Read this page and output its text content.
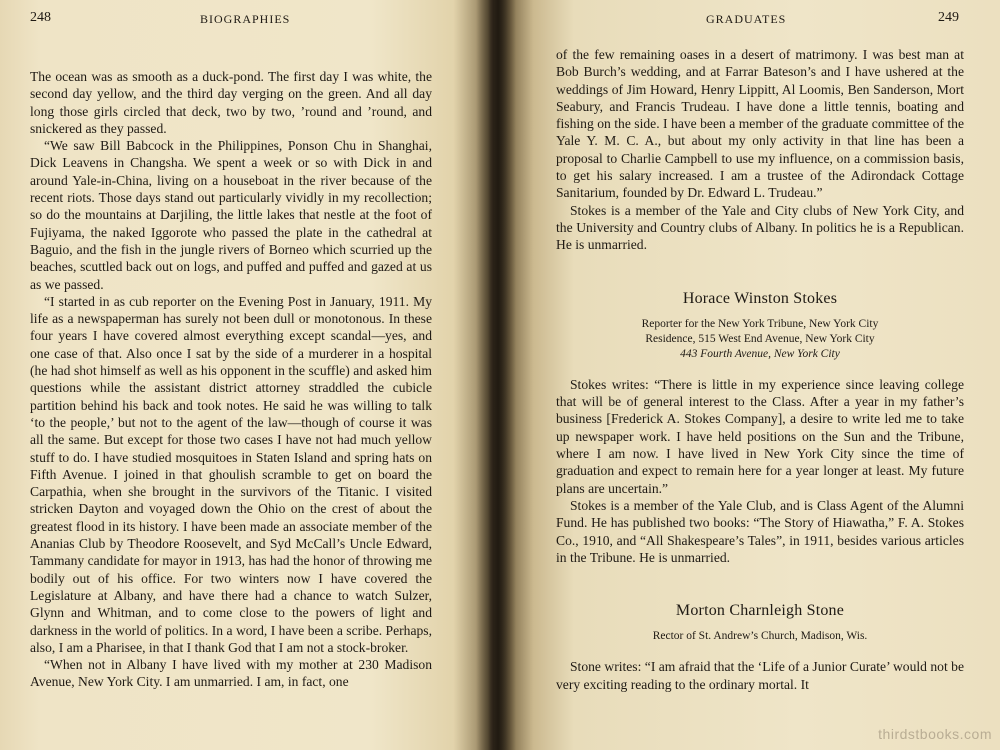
248	BIOGRAPHIES

The ocean was as smooth as a duck-pond. The first day I was white, the second day yellow, and the third day verging on the green. And all day long those girls circled that deck, two by two, ’round and ’round, and snickered as they passed.

“We saw Bill Babcock in the Philippines, Ponson Chu in Shanghai, Dick Leavens in Changsha. We spent a week or so with Dick in and around Yale-in-China, living on a houseboat in the river because of the recent riots. Those days stand out particularly vividly in my recollection; so do the mountains at Darjiling, the little lakes that nestle at the foot of Fujiyama, the naked Iggorote who passed the plate in the cathedral at Baguio, and the fish in the jungle rivers of Borneo which scurried up the beaches, scuttled back out on logs, and puffed and puffed and gazed at us as we passed.

“I started in as cub reporter on the Evening Post in January, 1911. My life as a newspaperman has surely not been dull or monotonous. In these four years I have covered almost everything except scandal—yes, and one case of that. Also once I sat by the side of a murderer in a hospital (he had shot himself as well as his opponent in the scuffle) and asked him questions while the assistant district attorney straddled the cubicle partition behind his back and took notes. He said he was willing to talk ‘to the people,’ but not to the agent of the law—though of course it was all the same. But except for those two cases I have not had much yellow stuff to do. I have studied mosquitoes in Staten Island and spring hats on Fifth Avenue. I joined in that ghoulish scramble to get on board the Carpathia, when she brought in the survivors of the Titanic. I visited stricken Dayton and voyaged down the Ohio on the crest of about the greatest flood in its history. I have been made an associate member of the Ananias Club by Theodore Roosevelt, and Syd McCall’s Uncle Edward, Tammany candidate for mayor in 1913, has had the honor of throwing me bodily out of his office. For two winters now I have covered the Legislature at Albany, and have there had a chance to watch Sulzer, Glynn and Whitman, and to come close to the powers of light and darkness in the world of politics. In a word, I have been a scribe. Perhaps, also, I am a Pharisee, in that I thank God that I am not a stock-broker.

“When not in Albany I have lived with my mother at 230 Madison Avenue, New York City. I am unmarried. I am, in fact, one

GRADUATES	249

of the few remaining oases in a desert of matrimony. I was best man at Bob Burch’s wedding, and at Farrar Bateson’s and I have ushered at the weddings of Jim Howard, Henry Lippitt, Al Loomis, Ben Sanderson, Mort Seabury, and Francis Trudeau. I have done a little tennis, boating and fishing on the side. I have been a member of the graduate committee of the Yale Y. M. C. A., but about my only activity in that line has been a proposal to Charlie Campbell to use my influence, on a commission basis, to get his salary increased. I am a trustee of the Adirondack Cottage Sanitarium, founded by Dr. Edward L. Trudeau.”

Stokes is a member of the Yale and City clubs of New York City, and the University and Country clubs of Albany. In politics he is a Republican. He is unmarried.

Horace Winston Stokes
Reporter for the New York Tribune, New York City
Residence, 515 West End Avenue, New York City
443 Fourth Avenue, New York City

Stokes writes: “There is little in my experience since leaving college that will be of general interest to the Class. After a year in my father’s business [Frederick A. Stokes Company], a desire to write led me to take up newspaper work. I have held positions on the Sun and the Tribune, where I am now. I have lived in New York City since the time of graduation and expect to remain here for a year longer at least. My future plans are uncertain.”

Stokes is a member of the Yale Club, and is Class Agent of the Alumni Fund. He has published two books: “The Story of Hiawatha,” F. A. Stokes Co., 1910, and “All Shakespeare’s Tales”, in 1911, besides various articles in the Tribune. He is unmarried.

Morton Charnleigh Stone
Rector of St. Andrew’s Church, Madison, Wis.

Stone writes: “I am afraid that the ‘Life of a Junior Curate’ would not be very exciting reading to the ordinary mortal. It

thirdstbooks.com
